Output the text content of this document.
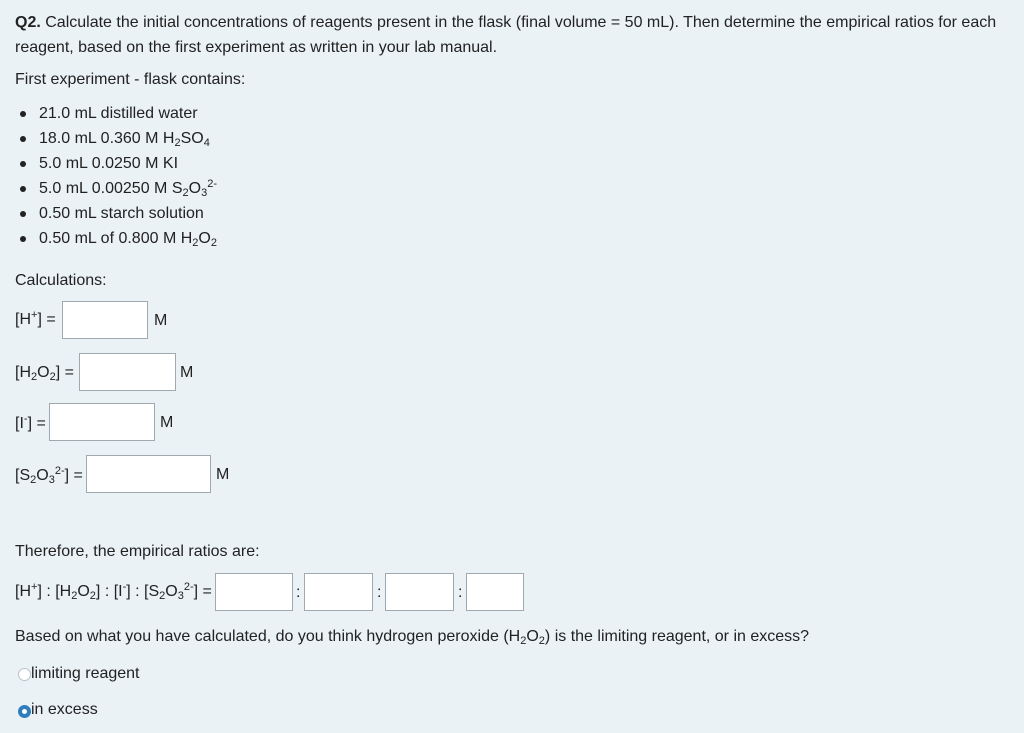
Q2. Calculate the initial concentrations of reagents present in the flask (final volume = 50 mL). Then determine the empirical ratios for each reagent, based on the first experiment as written in your lab manual.
First experiment - flask contains:
21.0 mL distilled water
18.0 mL 0.360 M $H_2SO_4$
5.0 mL 0.0250 M KI
5.0 mL 0.00250 M $S_2O_3^{2-}$
0.50 mL starch solution
0.50 mL of 0.800 M $H_2O_2$
Calculations:
[H+] =	M
$[H_2O_2]$ =	M
[I-] =	M
$[S_2O_3^{2-}]$ =	M
Therefore, the empirical ratios are:
[H+] : $[H_2O_2]$ : [I-] : $[S_2O_3^{2-}]$ =	:	:	:
Based on what you have calculated, do you think hydrogen peroxide $(H_2O_2)$ is the limiting reagent, or in excess?
limiting reagent
in excess
